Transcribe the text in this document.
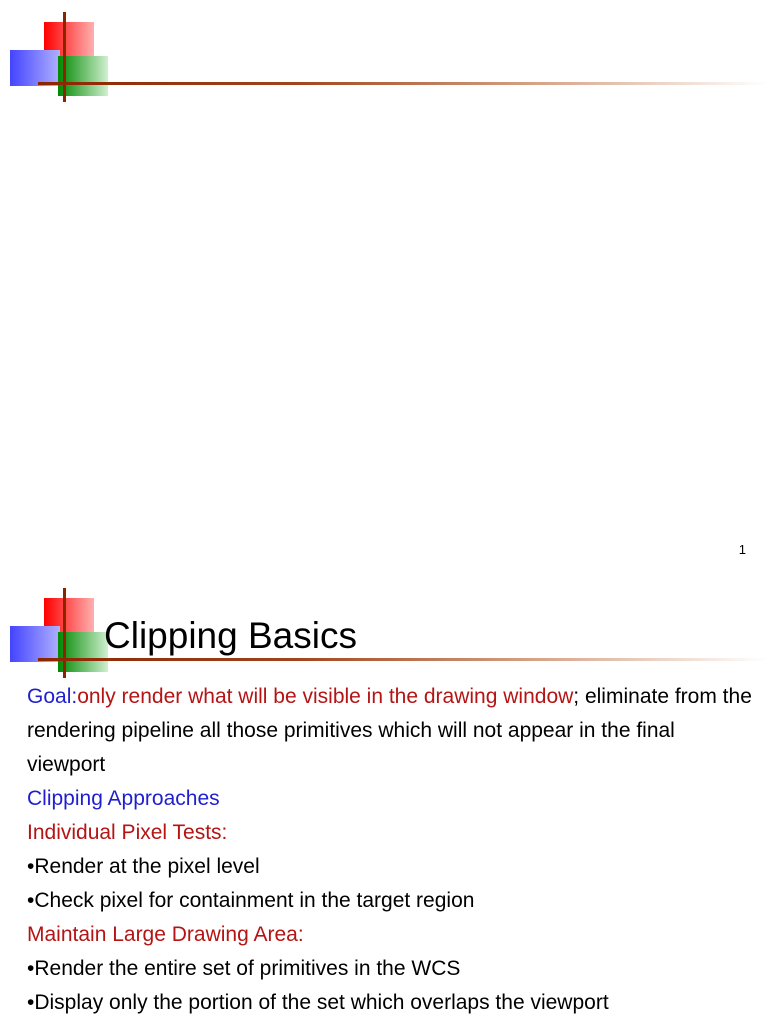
1
Clipping Basics

Goal:only render what will be visible in the drawing window; eliminate from the rendering pipeline all those primitives which will not appear in the final viewport

Clipping Approaches

Individual Pixel Tests:

•Render at the pixel level

•Check pixel for containment in the target region

Maintain Large Drawing Area:

•Render the entire set of primitives in the WCS

•Display only the portion of the set which overlaps the viewport
